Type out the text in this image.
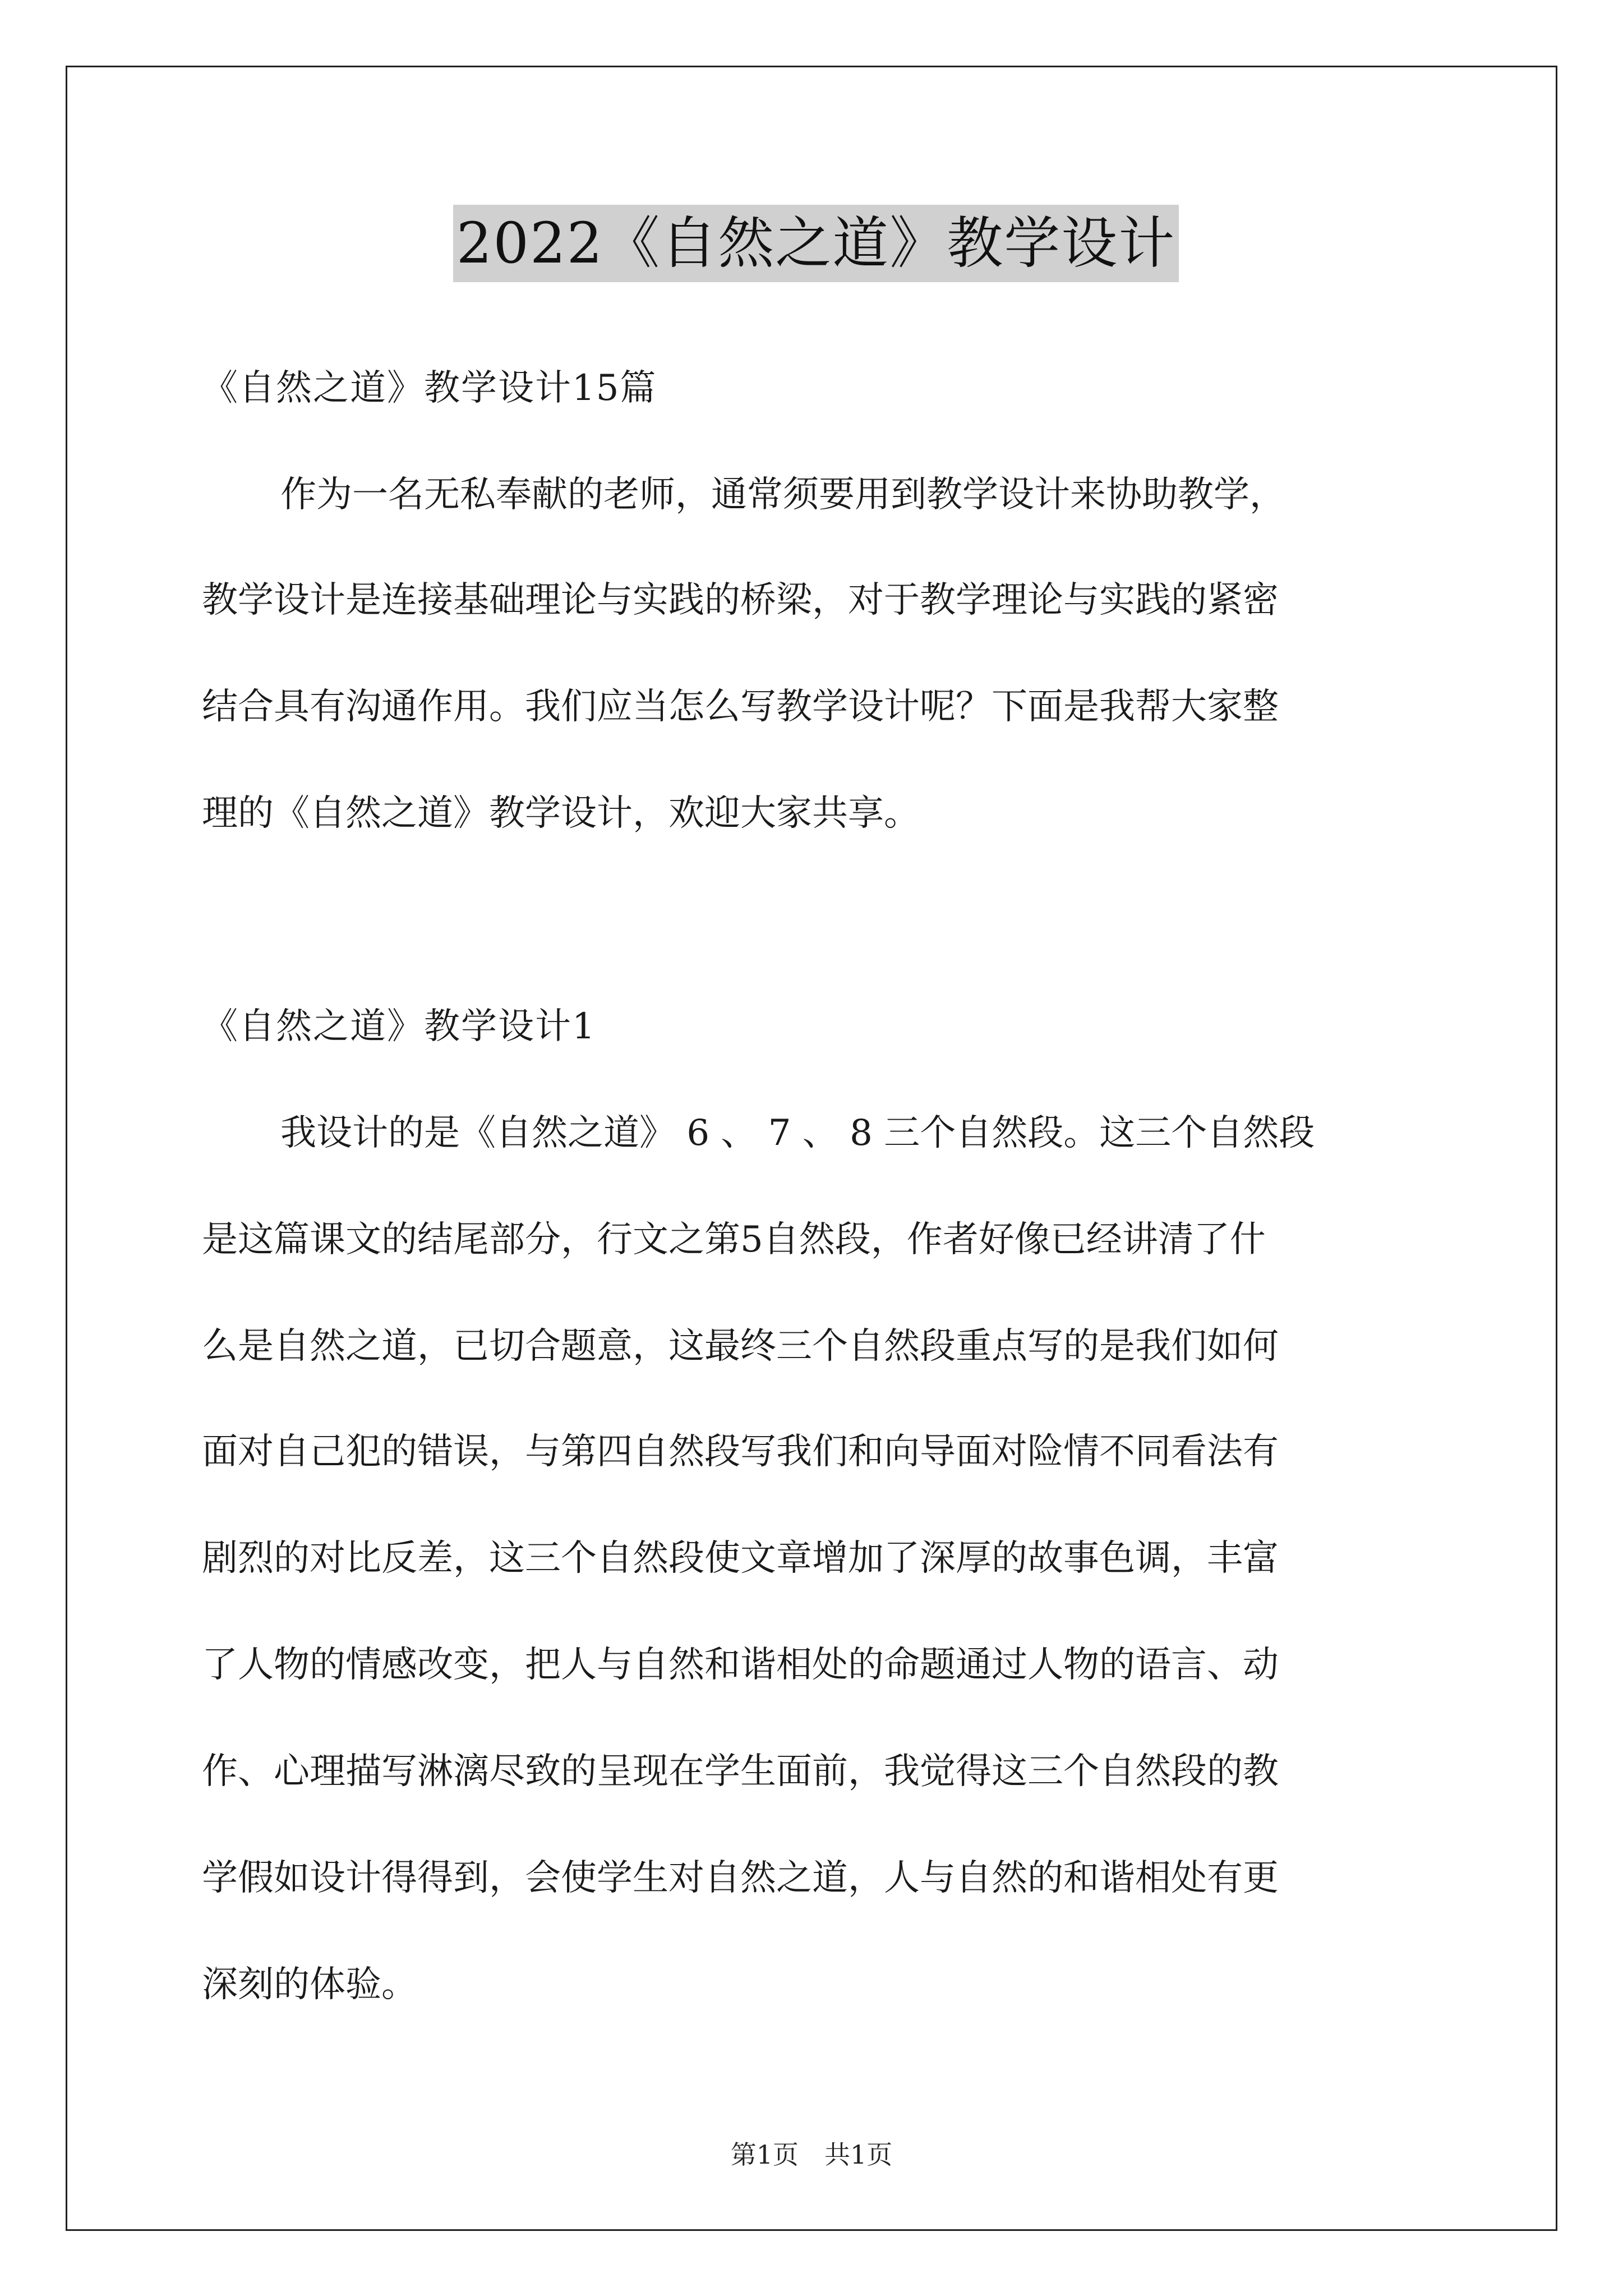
2022《自然之道》教学设计
《自然之道》教学设计15篇
作为一名无私奉献的老师，通常须要用到教学设计来协助教学，
教学设计是连接基础理论与实践的桥梁，对于教学理论与实践的紧密
结合具有沟通作用。我们应当怎么写教学设计呢？下面是我帮大家整
理的《自然之道》教学设计，欢迎大家共享。
《自然之道》教学设计1
我设计的是《自然之道》 6 、 7 、 8 三个自然段。这三个自然段
是这篇课文的结尾部分，行文之第5自然段，作者好像已经讲清了什
么是自然之道，已切合题意，这最终三个自然段重点写的是我们如何
面对自己犯的错误，与第四自然段写我们和向导面对险情不同看法有
剧烈的对比反差，这三个自然段使文章增加了深厚的故事色调，丰富
了人物的情感改变，把人与自然和谐相处的命题通过人物的语言、动
作、心理描写淋漓尽致的呈现在学生面前，我觉得这三个自然段的教
学假如设计得得到，会使学生对自然之道，人与自然的和谐相处有更
深刻的体验。
第1页　共1页
